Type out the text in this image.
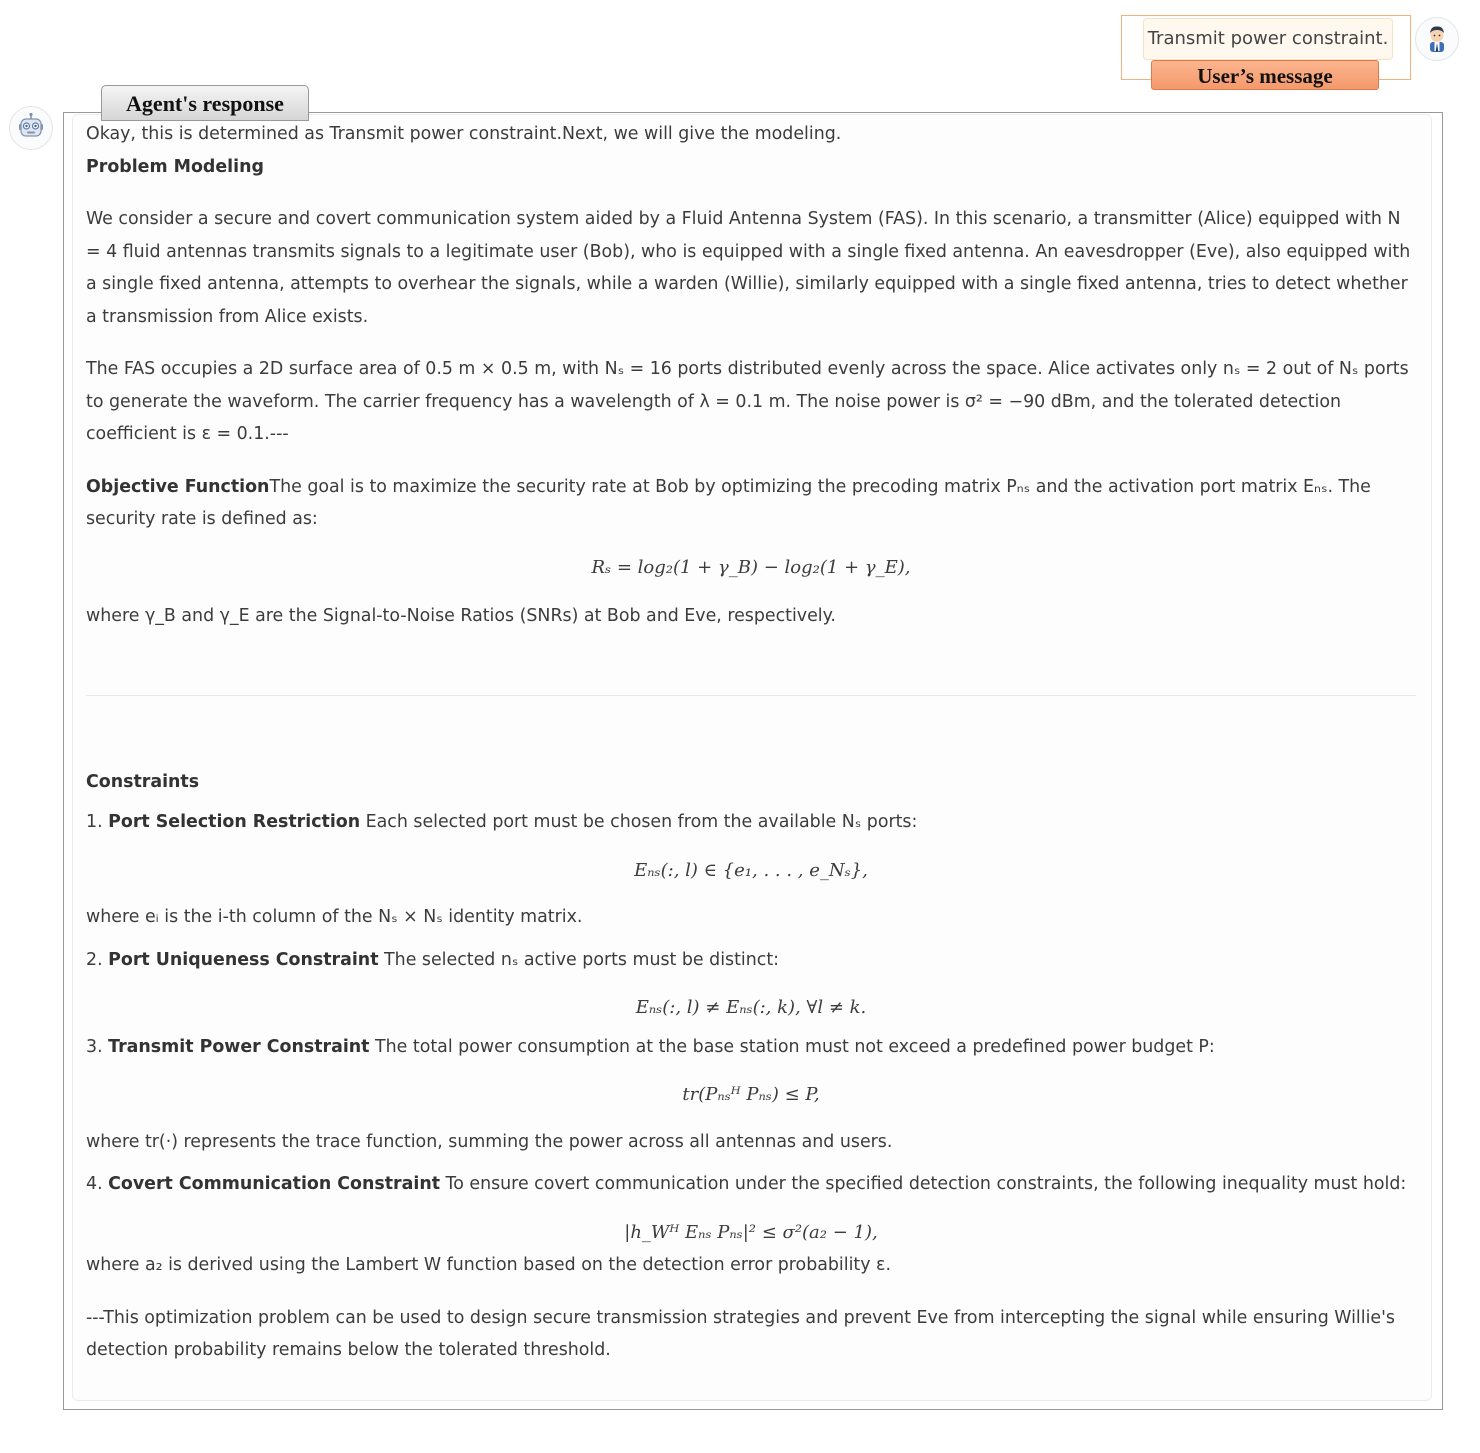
Transmit power constraint.
User’s message
Agent's response

Okay, this is determined as Transmit power constraint.Next, we will give the modeling.

Problem Modeling

We consider a secure and covert communication system aided by a Fluid Antenna System (FAS). In this scenario, a transmitter (Alice) equipped with N = 4 fluid antennas transmits signals to a legitimate user (Bob), who is equipped with a single fixed antenna. An eavesdropper (Eve), also equipped with a single fixed antenna, attempts to overhear the signals, while a warden (Willie), similarly equipped with a single fixed antenna, tries to detect whether a transmission from Alice exists.

The FAS occupies a 2D surface area of 0.5 m × 0.5 m, with Nₛ = 16 ports distributed evenly across the space. Alice activates only nₛ = 2 out of Nₛ ports to generate the waveform. The carrier frequency has a wavelength of λ = 0.1 m. The noise power is σ² = −90 dBm, and the tolerated detection coefficient is ε = 0.1.---

Objective FunctionThe goal is to maximize the security rate at Bob by optimizing the precoding matrix Pₙₛ and the activation port matrix Eₙₛ. The security rate is defined as:

Rₛ = log₂(1 + γ_B) − log₂(1 + γ_E),

where γ_B and γ_E are the Signal-to-Noise Ratios (SNRs) at Bob and Eve, respectively.

Constraints

1. Port Selection Restriction Each selected port must be chosen from the available Nₛ ports:

Eₙₛ(:, l) ∈ {e₁, . . . , e_Nₛ},

where eᵢ is the i-th column of the Nₛ × Nₛ identity matrix.

2. Port Uniqueness Constraint The selected nₛ active ports must be distinct:

Eₙₛ(:, l) ≠ Eₙₛ(:, k), ∀l ≠ k.

3. Transmit Power Constraint The total power consumption at the base station must not exceed a predefined power budget P:

tr(Pₙₛᴴ Pₙₛ) ≤ P,

where tr(·) represents the trace function, summing the power across all antennas and users.

4. Covert Communication Constraint To ensure covert communication under the specified detection constraints, the following inequality must hold:

|h_Wᴴ Eₙₛ Pₙₛ|² ≤ σ²(a₂ − 1),

where a₂ is derived using the Lambert W function based on the detection error probability ε.

---This optimization problem can be used to design secure transmission strategies and prevent Eve from intercepting the signal while ensuring Willie's detection probability remains below the tolerated threshold.
